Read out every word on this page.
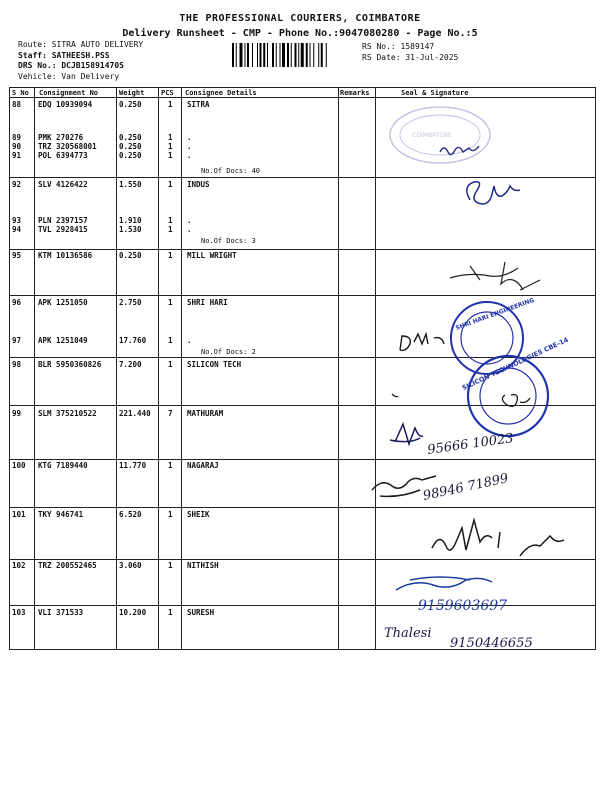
THE PROFESSIONAL COURIERS, COIMBATORE
Delivery Runsheet - CMP - Phone No.:9047080280 - Page No.:5
Route: SITRA AUTO DELIVERY
Staff: SATHEESH.PSS
DRS No.: DCJB15891470S
Vehicle: Van Delivery
RS No.: 1589147
RS Date: 31-Jul-2025
S No Consignment No	Weight PCS Consignee Details	Remarks	Seal & Signature
88 EDQ 10939094	0.250	1 SITRA
89 PMK 270276	0.250	1 .
90 TRZ 320568001	0.250	1 .
91 POL 6394773	0.250	1 .
92 SLV 4126422	1.550	1 INDUS
93 PLN 2397157	1.910	1 .
94 TVL 2928415	1.530	1 .
95 KTM 10136586	0.250	1 MILL WRIGHT
96 APK 1251050	2.750	1 SHRI HARI
97 APK 1251049	17.760	1 .
98 BLR 5950360826 7.200	1 SILICON TECH
99 SLM 375210522	221.440 7 MATHURAM
100 KTG 7189440	11.770	1 NAGARAJ
101 TKY 946741	6.520	1 SHEIK
102 TRZ 200552465	3.060	1 NITHISH
103 VLI 371533	10.200	1 SURESH
No.Of Docs: 40
No.Of Docs: 3
No.Of Docs: 2
COIMBATORE
SHRI HARI ENGINEERING
SILICON TECHNOLOGIES CBE-14
95666 10023
98946 71899
9159603697
Thalesi
9150446655
